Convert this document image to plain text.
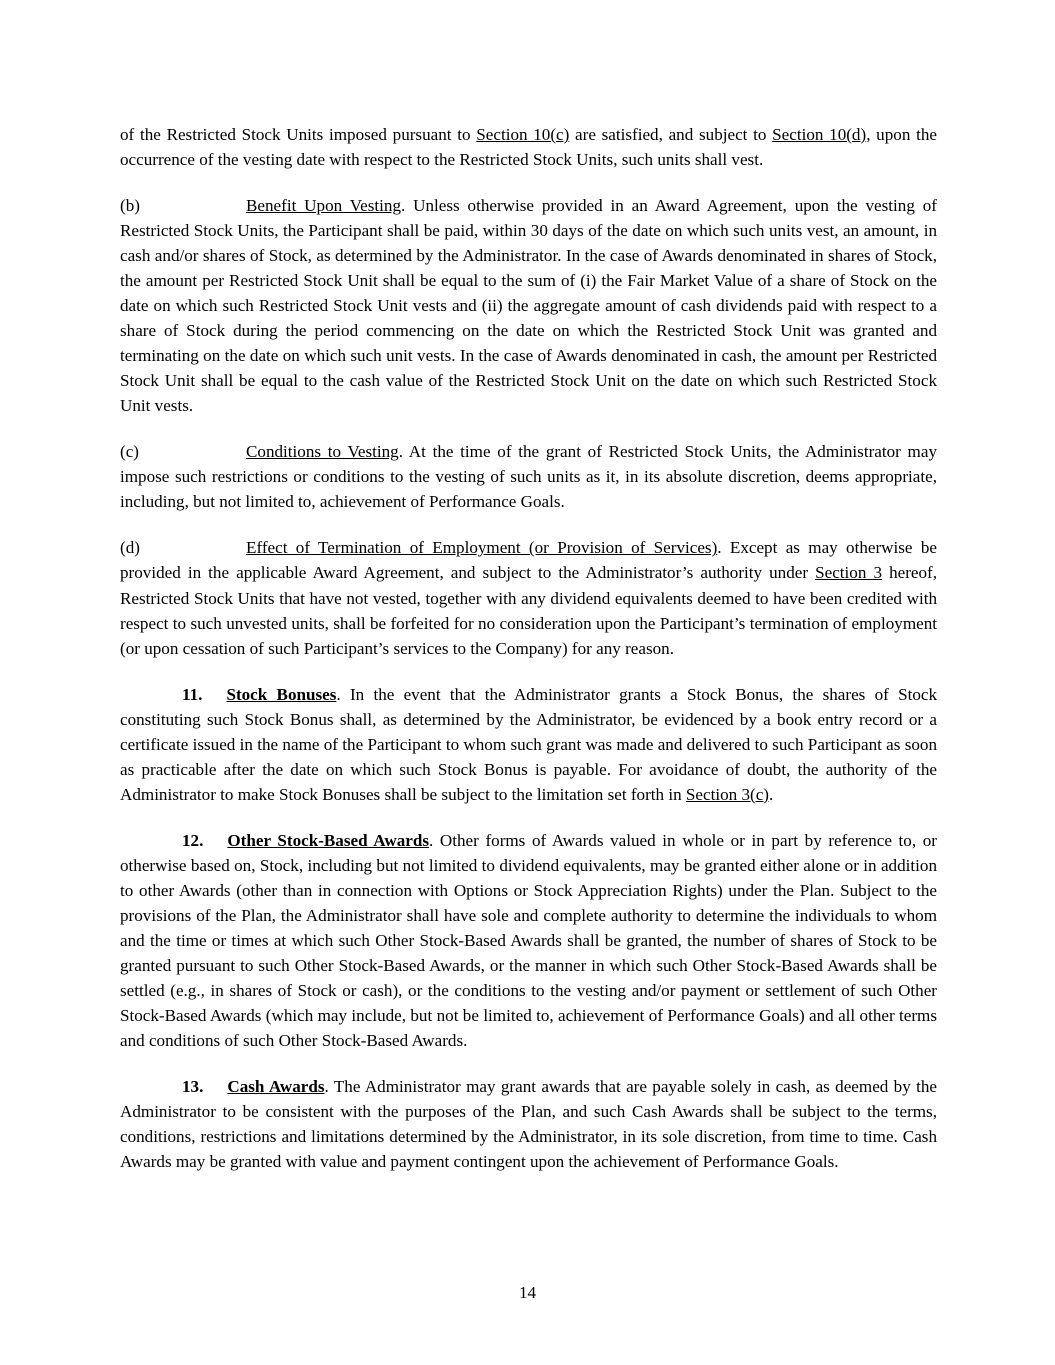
of the Restricted Stock Units imposed pursuant to Section 10(c) are satisfied, and subject to Section 10(d), upon the occurrence of the vesting date with respect to the Restricted Stock Units, such units shall vest.

(b)	Benefit Upon Vesting. Unless otherwise provided in an Award Agreement, upon the vesting of Restricted Stock Units, the Participant shall be paid, within 30 days of the date on which such units vest, an amount, in cash and/or shares of Stock, as determined by the Administrator. In the case of Awards denominated in shares of Stock, the amount per Restricted Stock Unit shall be equal to the sum of (i) the Fair Market Value of a share of Stock on the date on which such Restricted Stock Unit vests and (ii) the aggregate amount of cash dividends paid with respect to a share of Stock during the period commencing on the date on which the Restricted Stock Unit was granted and terminating on the date on which such unit vests. In the case of Awards denominated in cash, the amount per Restricted Stock Unit shall be equal to the cash value of the Restricted Stock Unit on the date on which such Restricted Stock Unit vests.

(c)	Conditions to Vesting. At the time of the grant of Restricted Stock Units, the Administrator may impose such restrictions or conditions to the vesting of such units as it, in its absolute discretion, deems appropriate, including, but not limited to, achievement of Performance Goals.

(d)	Effect of Termination of Employment (or Provision of Services). Except as may otherwise be provided in the applicable Award Agreement, and subject to the Administrator’s authority under Section 3 hereof, Restricted Stock Units that have not vested, together with any dividend equivalents deemed to have been credited with respect to such unvested units, shall be forfeited for no consideration upon the Participant’s termination of employment (or upon cessation of such Participant’s services to the Company) for any reason.

11. Stock Bonuses. In the event that the Administrator grants a Stock Bonus, the shares of Stock constituting such Stock Bonus shall, as determined by the Administrator, be evidenced by a book entry record or a certificate issued in the name of the Participant to whom such grant was made and delivered to such Participant as soon as practicable after the date on which such Stock Bonus is payable. For avoidance of doubt, the authority of the Administrator to make Stock Bonuses shall be subject to the limitation set forth in Section 3(c).

12. Other Stock-Based Awards. Other forms of Awards valued in whole or in part by reference to, or otherwise based on, Stock, including but not limited to dividend equivalents, may be granted either alone or in addition to other Awards (other than in connection with Options or Stock Appreciation Rights) under the Plan. Subject to the provisions of the Plan, the Administrator shall have sole and complete authority to determine the individuals to whom and the time or times at which such Other Stock-Based Awards shall be granted, the number of shares of Stock to be granted pursuant to such Other Stock-Based Awards, or the manner in which such Other Stock-Based Awards shall be settled (e.g., in shares of Stock or cash), or the conditions to the vesting and/or payment or settlement of such Other Stock-Based Awards (which may include, but not be limited to, achievement of Performance Goals) and all other terms and conditions of such Other Stock-Based Awards.

13. Cash Awards. The Administrator may grant awards that are payable solely in cash, as deemed by the Administrator to be consistent with the purposes of the Plan, and such Cash Awards shall be subject to the terms, conditions, restrictions and limitations determined by the Administrator, in its sole discretion, from time to time. Cash Awards may be granted with value and payment contingent upon the achievement of Performance Goals.

14
